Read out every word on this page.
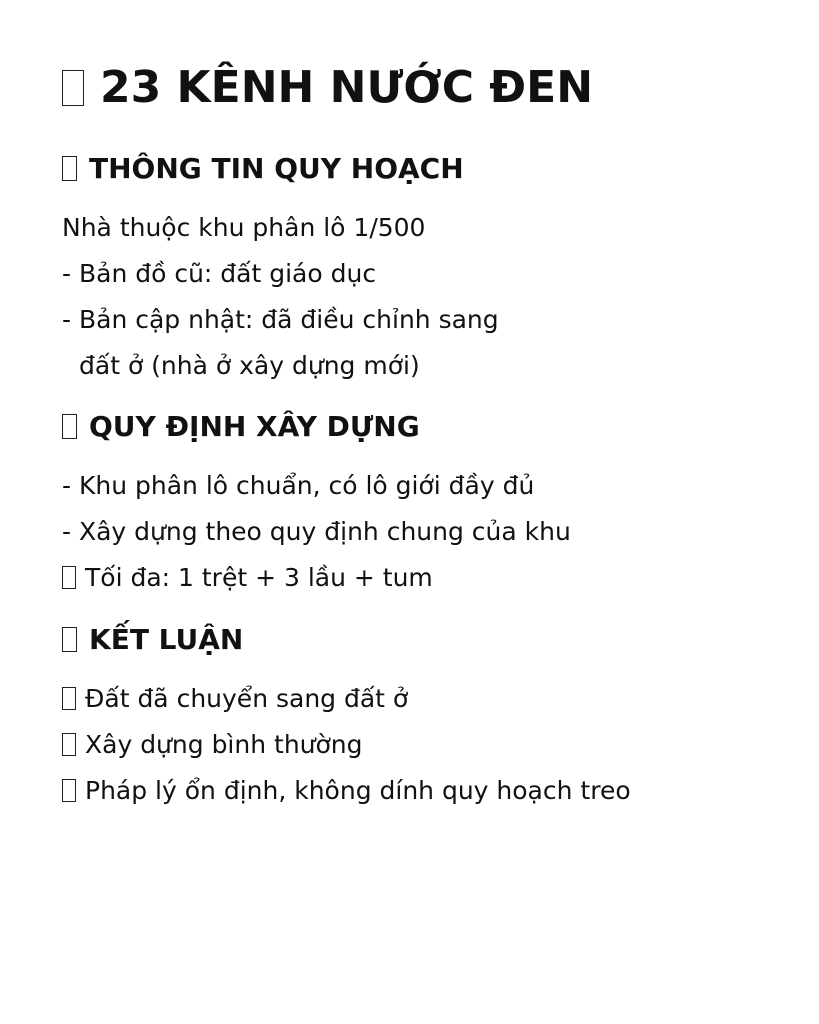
23 KÊNH NƯỚC ĐEN
THÔNG TIN QUY HOẠCH
Nhà thuộc khu phân lô 1/500
- Bản đồ cũ: đất giáo dục
- Bản cập nhật: đã điều chỉnh sang
đất ở (nhà ở xây dựng mới)
QUY ĐỊNH XÂY DỰNG
- Khu phân lô chuẩn, có lô giới đầy đủ
- Xây dựng theo quy định chung của khu
Tối đa: 1 trệt + 3 lầu + tum
KẾT LUẬN
Đất đã chuyển sang đất ở
Xây dựng bình thường
Pháp lý ổn định, không dính quy hoạch treo
